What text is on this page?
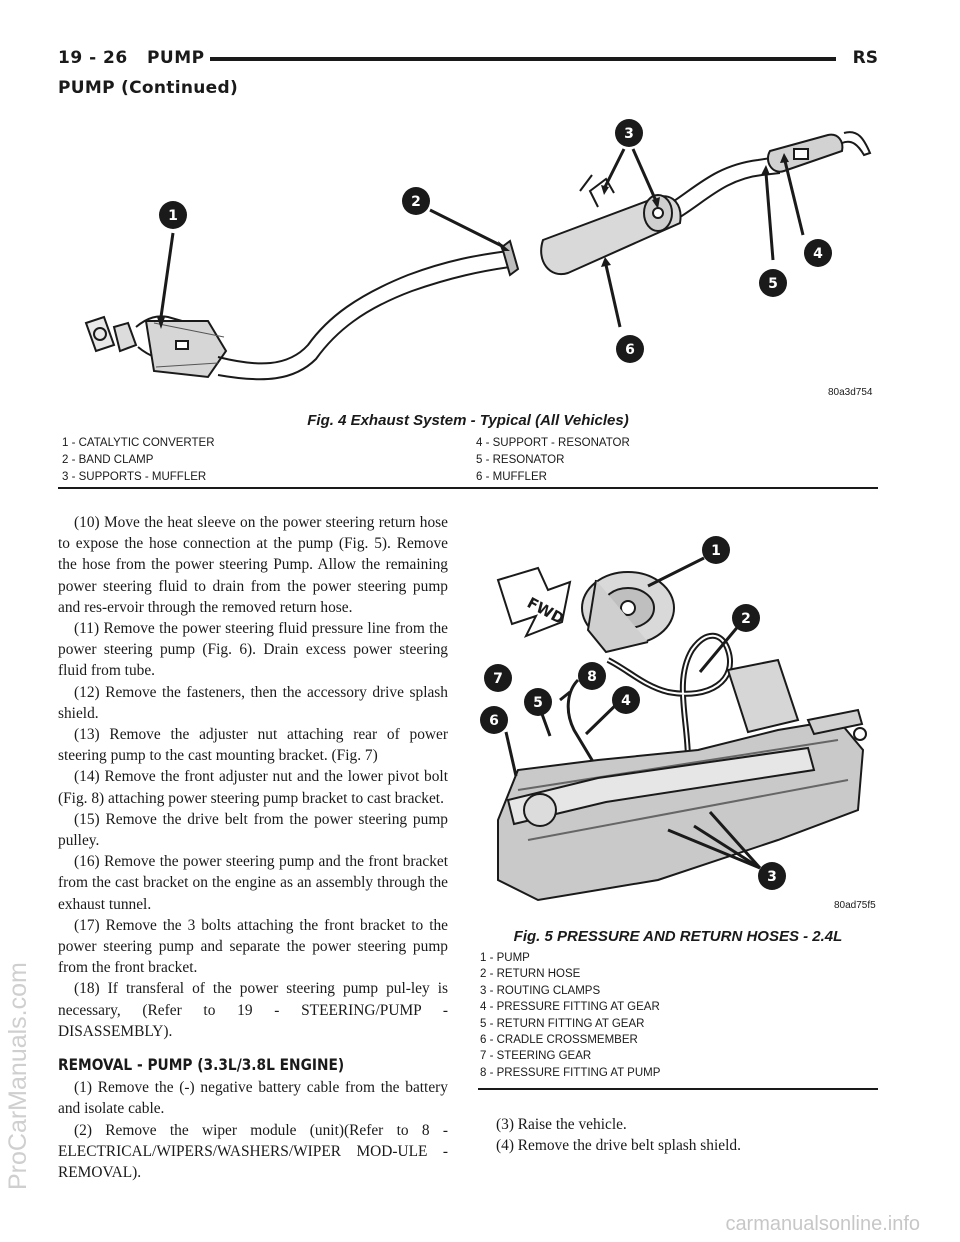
19 - 26   PUMP	RS
PUMP (Continued)
1
2
3
4
5
6
80a3d754
Fig. 4 Exhaust System - Typical (All Vehicles)
1 - CATALYTIC CONVERTER
2 - BAND CLAMP
3 - SUPPORTS - MUFFLER
4 - SUPPORT - RESONATOR
5 - RESONATOR
6 - MUFFLER

(10) Move the heat sleeve on the power steering return hose to expose the hose connection at the pump (Fig. 5). Remove the hose from the power steering Pump. Allow the remaining power steering fluid to drain from the power steering pump and res-ervoir through the removed return hose.

(11) Remove the power steering fluid pressure line from the power steering pump (Fig. 6). Drain excess power steering fluid from tube.

(12) Remove the fasteners, then the accessory drive splash shield.

(13) Remove the adjuster nut attaching rear of power steering pump to the cast mounting bracket. (Fig. 7)

(14) Remove the front adjuster nut and the lower pivot bolt (Fig. 8) attaching power steering pump bracket to cast bracket.

(15) Remove the drive belt from the power steering pump pulley.

(16) Remove the power steering pump and the front bracket from the cast bracket on the engine as an assembly through the exhaust tunnel.

(17) Remove the 3 bolts attaching the front bracket to the power steering pump and separate the power steering pump from the front bracket.

(18) If transferal of the power steering pump pul-ley is necessary, (Refer to 19 - STEERING/PUMP - DISASSEMBLY).

REMOVAL - PUMP (3.3L/3.8L ENGINE)

(1) Remove the (-) negative battery cable from the battery and isolate cable.

(2) Remove the wiper module (unit)(Refer to 8 - ELECTRICAL/WIPERS/WASHERS/WIPER MOD-ULE - REMOVAL).

FWD
1
2
3
4
5
6
7	8
80ad75f5
Fig. 5 PRESSURE AND RETURN HOSES - 2.4L
1 - PUMP
2 - RETURN HOSE
3 - ROUTING CLAMPS
4 - PRESSURE FITTING AT GEAR
5 - RETURN FITTING AT GEAR
6 - CRADLE CROSSMEMBER
7 - STEERING GEAR
8 - PRESSURE FITTING AT PUMP

(3) Raise the vehicle.

(4) Remove the drive belt splash shield.

ProCarManuals.com
carmanualsonline.info
